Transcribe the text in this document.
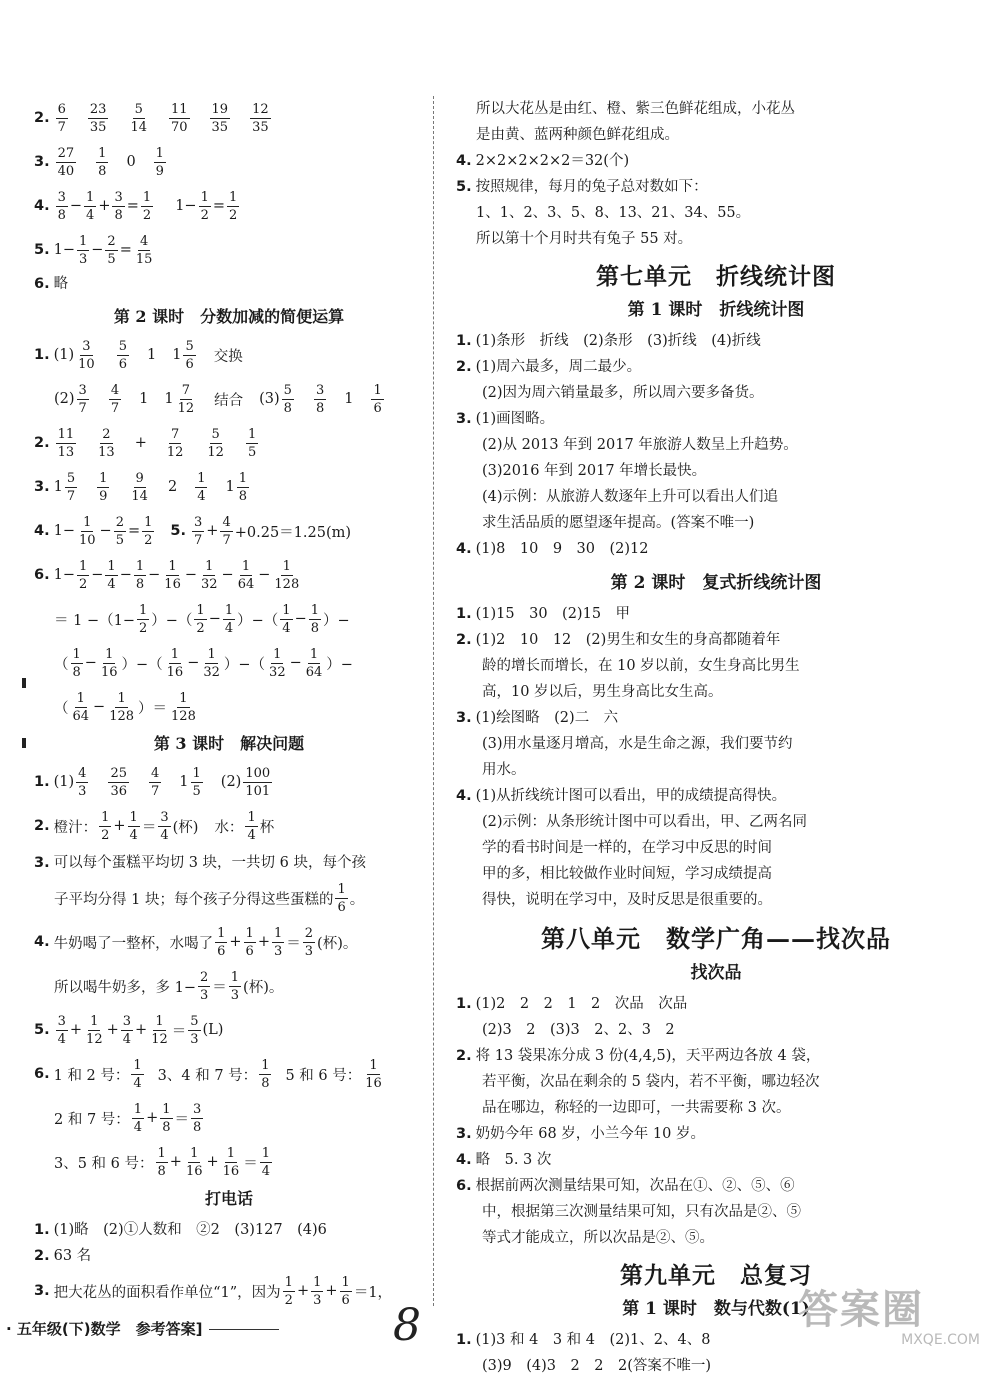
2. $\frac{6}{7} \frac{23}{35} \frac{5}{14} \frac{11}{70} \frac{19}{35} \frac{12}{35}$
3. $\frac{27}{40} \frac{1}{8} 0 \frac{1}{9}$
4. $\frac{3}{8} - \frac{1}{4} + \frac{3}{8} = \frac{1}{2} 1- \frac{1}{2} = \frac{1}{2}$
5. $1- \frac{1}{3} - \frac{2}{5} = \frac{4}{15}$

6. 略

第 2 课时　分数加减的简便运算
1. $(1) \frac{3}{10} \frac{5}{6} 1$ $1 \frac{5}{6}$ 交换
$(2) \frac{3}{7} \frac{4}{7} 1$ $1 \frac{7}{12}$ 结合 $(3) \frac{5}{8} \frac{3}{8} 1 \frac{1}{6}$
2. $\frac{11}{13} \frac{2}{13} + \frac{7}{12} \frac{5}{12} \frac{1}{5}$
3. $1 \frac{5}{7} \frac{1}{9} \frac{9}{14} 2 \frac{1}{4} 1 \frac{1}{8}$
4. $1- \frac{1}{10} - \frac{2}{5} = \frac{1}{2} 5$. $\frac{3}{7} + \frac{4}{7} +0.25=1.25(m)$
6. $1- \frac{1}{2} - \frac{1}{4} - \frac{1}{8} - \frac{1}{16} - \frac{1}{32} - \frac{1}{64} - \frac{1}{128}$
＝ $1 -(1- \frac{1}{2}$ ）−（ $\frac{1}{2} - \frac{1}{4}$ ）−（ $\frac{1}{4} - \frac{1}{8}$ ）−
（ $\frac{1}{8} - \frac{1}{16}$ ）−（ $\frac{1}{16} - \frac{1}{32}$ ）−（ $\frac{1}{32} - \frac{1}{64}$ ）−
（ $\frac{1}{64} - \frac{1}{128}$ ）＝ $\frac{1}{128}$
第 3 课时　解决问题
1. $(1) \frac{4}{3} \frac{25}{36} \frac{4}{7} 1 \frac{1}{5} (2) \frac{100}{101}$
2. 橙汁： $\frac{1}{2} + \frac{1}{4} = \frac{3}{4}$ (杯) 水： $\frac{1}{4}$ 杯

3. 可以每个蛋糕平均切 3 块，一共切 6 块，每个孩

子平均分得 1 块；每个孩子分得这些蛋糕的 $\frac{1}{6}$ 。
4. 牛奶喝了一整杯，水喝了 $\frac{1}{6} + \frac{1}{6} + \frac{1}{3} = \frac{2}{3}$ (杯)。
所以喝牛奶多，多 $1- \frac{2}{3} = \frac{1}{3}$ (杯)。
5. $\frac{3}{4} + \frac{1}{12} + \frac{3}{4} + \frac{1}{12} = \frac{5}{3} (L)$
6. 1 和 2 号： $\frac{1}{4} 3$、4 和 7 号： $\frac{1}{8} 5$ 和 6 号： $\frac{1}{16}$
2 和 7 号： $\frac{1}{4} + \frac{1}{8} = \frac{3}{8}$
3、5 和 6 号： $\frac{1}{8} + \frac{1}{16} + \frac{1}{16} = \frac{1}{4}$
打电话

1. (1)略　(2)①人数和　②2　(3)127　(4)6

2. 63 名

3. 把大花丛的面积看作单位“1”，因为 $\frac{1}{2} + \frac{1}{3} + \frac{1}{6} =1$，

所以大花丛是由红、橙、紫三色鲜花组成，小花丛

是由黄、蓝两种颜色鲜花组成。

4. 2×2×2×2×2＝32(个)

5. 按照规律，每月的兔子总对数如下：

1、1、2、3、5、8、13、21、34、55。

所以第十个月时共有兔子 55 对。

第七单元　折线统计图
第 1 课时　折线统计图

1. (1)条形　折线　(2)条形　(3)折线　(4)折线

2. (1)周六最多，周二最少。

(2)因为周六销量最多，所以周六要多备货。

3. (1)画图略。

(2)从 2013 年到 2017 年旅游人数呈上升趋势。

(3)2016 年到 2017 年增长最快。

(4)示例：从旅游人数逐年上升可以看出人们追

求生活品质的愿望逐年提高。(答案不唯一)

4. (1)8　10　9　30　(2)12

第 2 课时　复式折线统计图

1. (1)15　30　(2)15　甲

2. (1)2　10　12　(2)男生和女生的身高都随着年

龄的增长而增长，在 10 岁以前，女生身高比男生

高，10 岁以后，男生身高比女生高。

3. (1)绘图略　(2)二　六

(3)用水量逐月增高，水是生命之源，我们要节约

用水。

4. (1)从折线统计图可以看出，甲的成绩提高得快。

(2)示例：从条形统计图中可以看出，甲、乙两名同

学的看书时间是一样的，在学习中反思的时间

甲的多，相比较做作业时间短，学习成绩提高

得快，说明在学习中，及时反思是很重要的。

第八单元　数学广角——找次品
找次品

1. (1)2　2　2　1　2　次品　次品

(2)3　2　(3)3　2、2、3　2

2. 将 13 袋果冻分成 3 份(4,4,5)，天平两边各放 4 袋，

若平衡，次品在剩余的 5 袋内，若不平衡，哪边轻次

品在哪边，称轻的一边即可，一共需要称 3 次。

3. 奶奶今年 68 岁，小兰今年 10 岁。

4. 略　5. 3 次

6. 根据前两次测量结果可知，次品在①、②、⑤、⑥

中，根据第三次测量结果可知，只有次品是②、⑤

等式才能成立，所以次品是②、⑤。

第九单元　总复习
第 1 课时　数与代数(1)

1. (1)3 和 4　3 和 4　(2)1、2、4、8

(3)9　(4)3　2　2　2(答案不唯一)

· 五年级(下)数学　参考答案]	8	答案圈
MXQE.COM
